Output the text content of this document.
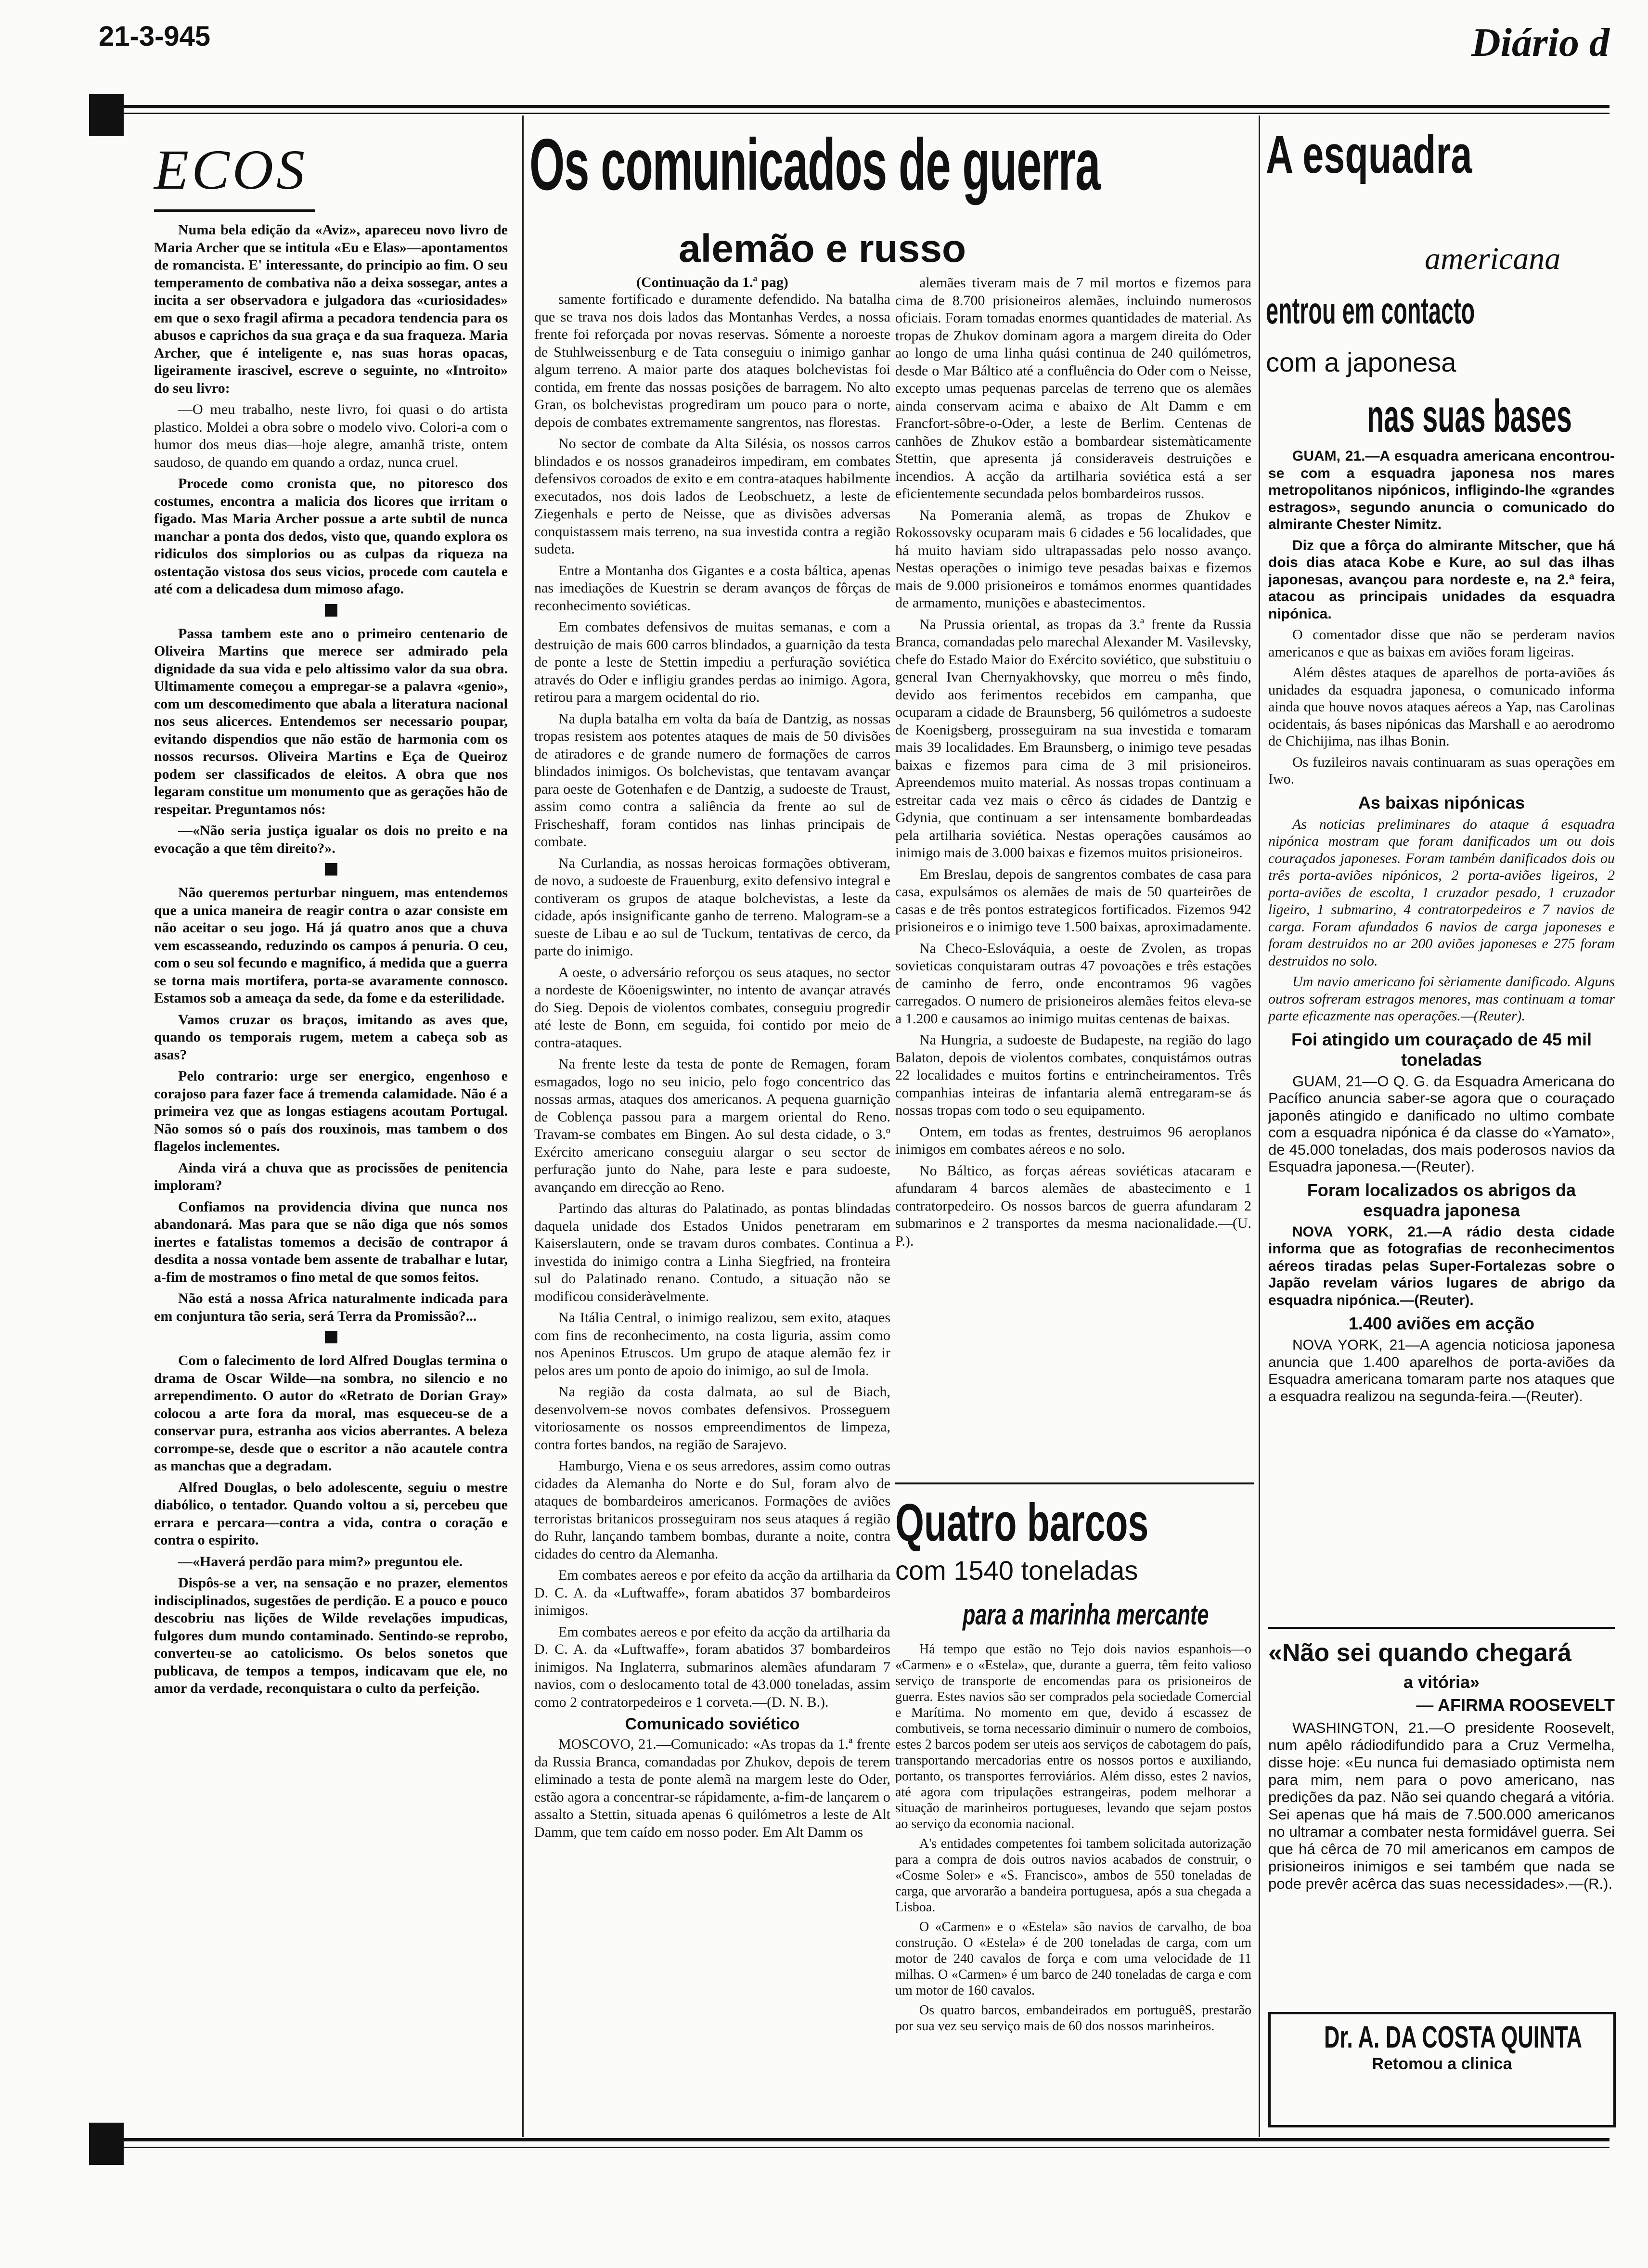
21-3-945	Diário d
ECOS

Numa bela edição da «Aviz», apareceu novo livro de Maria Archer que se intitula «Eu e Elas»—apontamentos de romancista. E' interessante, do principio ao fim. O seu temperamento de combativa não a deixa sossegar, antes a incita a ser observadora e julgadora das «curiosidades» em que o sexo fragil afirma a pecadora tendencia para os abusos e caprichos da sua graça e da sua fraqueza. Maria Archer, que é inteligente e, nas suas horas opacas, ligeiramente irascivel, escreve o seguinte, no «Introito» do seu livro:

—O meu trabalho, neste livro, foi quasi o do artista plastico. Moldei a obra sobre o modelo vivo. Colori-a com o humor dos meus dias—hoje alegre, amanhã triste, ontem saudoso, de quando em quando a ordaz, nunca cruel.

Procede como cronista que, no pitoresco dos costumes, encontra a malicia dos licores que irritam o figado. Mas Maria Archer possue a arte subtil de nunca manchar a ponta dos dedos, visto que, quando explora os ridiculos dos simplorios ou as culpas da riqueza na ostentação vistosa dos seus vicios, procede com cautela e até com a delicadesa dum mimoso afago.

Passa tambem este ano o primeiro centenario de Oliveira Martins que merece ser admirado pela dignidade da sua vida e pelo altissimo valor da sua obra. Ultimamente começou a empregar-se a palavra «genio», com um descomedimento que abala a literatura nacional nos seus alicerces. Entendemos ser necessario poupar, evitando dispendios que não estão de harmonia com os nossos recursos. Oliveira Martins e Eça de Queiroz podem ser classificados de eleitos. A obra que nos legaram constitue um monumento que as gerações hão de respeitar. Preguntamos nós:

—«Não seria justiça igualar os dois no preito e na evocação a que têm direito?».

Não queremos perturbar ninguem, mas entendemos que a unica maneira de reagir contra o azar consiste em não aceitar o seu jogo. Há já quatro anos que a chuva vem escasseando, reduzindo os campos á penuria. O ceu, com o seu sol fecundo e magnifico, á medida que a guerra se torna mais mortifera, porta-se avaramente connosco. Estamos sob a ameaça da sede, da fome e da esterilidade.

Vamos cruzar os braços, imitando as aves que, quando os temporais rugem, metem a cabeça sob as asas?

Pelo contrario: urge ser energico, engenhoso e corajoso para fazer face á tremenda calamidade. Não é a primeira vez que as longas estiagens acoutam Portugal. Não somos só o país dos rouxinois, mas tambem o dos flagelos inclementes.

Ainda virá a chuva que as procissões de penitencia imploram?

Confiamos na providencia divina que nunca nos abandonará. Mas para que se não diga que nós somos inertes e fatalistas tomemos a decisão de contrapor á desdita a nossa vontade bem assente de trabalhar e lutar, a-fim de mostramos o fino metal de que somos feitos.

Não está a nossa Africa naturalmente indicada para em conjuntura tão seria, será Terra da Promissão?...

Com o falecimento de lord Alfred Douglas termina o drama de Oscar Wilde—na sombra, no silencio e no arrependimento. O autor do «Retrato de Dorian Gray» colocou a arte fora da moral, mas esqueceu-se de a conservar pura, estranha aos vicios aberrantes. A beleza corrompe-se, desde que o escritor a não acautele contra as manchas que a degradam.

Alfred Douglas, o belo adolescente, seguiu o mestre diabólico, o tentador. Quando voltou a si, percebeu que errara e percara—contra a vida, contra o coração e contra o espirito.

—«Haverá perdão para mim?» preguntou ele.

Dispôs-se a ver, na sensação e no prazer, elementos indisciplinados, sugestões de perdição. E a pouco e pouco descobriu nas lições de Wilde revelações impudicas, fulgores dum mundo contaminado. Sentindo-se reprobo, converteu-se ao catolicismo. Os belos sonetos que publicava, de tempos a tempos, indicavam que ele, no amor da verdade, reconquistara o culto da perfeição.

Os comunicados de guerra
alemão e russo
(Continuação da 1.ª pag)

samente fortificado e duramente defendido. Na batalha que se trava nos dois lados das Montanhas Verdes, a nossa frente foi reforçada por novas reservas. Sómente a noroeste de Stuhlweissenburg e de Tata conseguiu o inimigo ganhar algum terreno. A maior parte dos ataques bolchevistas foi contida, em frente das nossas posições de barragem. No alto Gran, os bolchevistas progrediram um pouco para o norte, depois de combates extremamente sangrentos, nas florestas.

No sector de combate da Alta Silésia, os nossos carros blindados e os nossos granadeiros impediram, em combates defensivos coroados de exito e em contra-ataques habilmente executados, nos dois lados de Leobschuetz, a leste de Ziegenhals e perto de Neisse, que as divisões adversas conquistassem mais terreno, na sua investida contra a região sudeta.

Entre a Montanha dos Gigantes e a costa báltica, apenas nas imediações de Kuestrin se deram avanços de fôrças de reconhecimento soviéticas.

Em combates defensivos de muitas semanas, e com a destruição de mais 600 carros blindados, a guarnição da testa de ponte a leste de Stettin impediu a perfuração soviética através do Oder e infligiu grandes perdas ao inimigo. Agora, retirou para a margem ocidental do rio.

Na dupla batalha em volta da baía de Dantzig, as nossas tropas resistem aos potentes ataques de mais de 50 divisões de atiradores e de grande numero de formações de carros blindados inimigos. Os bolchevistas, que tentavam avançar para oeste de Gotenhafen e de Dantzig, a sudoeste de Traust, assim como contra a saliência da frente ao sul de Frischeshaff, foram contidos nas linhas principais de combate.

Na Curlandia, as nossas heroicas formações obtiveram, de novo, a sudoeste de Frauenburg, exito defensivo integral e contiveram os grupos de ataque bolchevistas, a leste da cidade, após insignificante ganho de terreno. Malogram-se a sueste de Libau e ao sul de Tuckum, tentativas de cerco, da parte do inimigo.

A oeste, o adversário reforçou os seus ataques, no sector a nordeste de Köoenigswinter, no intento de avançar através do Sieg. Depois de violentos combates, conseguiu progredir até leste de Bonn, em seguida, foi contido por meio de contra-ataques.

Na frente leste da testa de ponte de Remagen, foram esmagados, logo no seu inicio, pelo fogo concentrico das nossas armas, ataques dos americanos. A pequena guarnição de Coblença passou para a margem oriental do Reno. Travam-se combates em Bingen. Ao sul desta cidade, o 3.º Exército americano conseguiu alargar o seu sector de perfuração junto do Nahe, para leste e para sudoeste, avançando em direcção ao Reno.

Partindo das alturas do Palatinado, as pontas blindadas daquela unidade dos Estados Unidos penetraram em Kaiserslautern, onde se travam duros combates. Continua a investida do inimigo contra a Linha Siegfried, na fronteira sul do Palatinado renano. Contudo, a situação não se modificou consideràvelmente.

Na Itália Central, o inimigo realizou, sem exito, ataques com fins de reconhecimento, na costa liguria, assim como nos Apeninos Etruscos. Um grupo de ataque alemão fez ir pelos ares um ponto de apoio do inimigo, ao sul de Imola.

Na região da costa dalmata, ao sul de Biach, desenvolvem-se novos combates defensivos. Prosseguem vitoriosamente os nossos empreendimentos de limpeza, contra fortes bandos, na região de Sarajevo.

Hamburgo, Viena e os seus arredores, assim como outras cidades da Alemanha do Norte e do Sul, foram alvo de ataques de bombardeiros americanos. Formações de aviões terroristas britanicos prosseguiram nos seus ataques á região do Ruhr, lançando tambem bombas, durante a noite, contra cidades do centro da Alemanha.

Em combates aereos e por efeito da acção da artilharia da D. C. A. da «Luftwaffe», foram abatidos 37 bombardeiros inimigos.

Em combates aereos e por efeito da acção da artilharia da D. C. A. da «Luftwaffe», foram abatidos 37 bombardeiros inimigos. Na Inglaterra, submarinos alemães afundaram 7 navios, com o deslocamento total de 43.000 toneladas, assim como 2 contratorpedeiros e 1 corveta.—(D. N. B.).

Comunicado soviético

MOSCOVO, 21.—Comunicado: «As tropas da 1.ª frente da Russia Branca, comandadas por Zhukov, depois de terem eliminado a testa de ponte alemã na margem leste do Oder, estão agora a concentrar-se rápidamente, a-fim-de lançarem o assalto a Stettin, situada apenas 6 quilómetros a leste de Alt Damm, que tem caído em nosso poder. Em Alt Damm os

alemães tiveram mais de 7 mil mortos e fizemos para cima de 8.700 prisioneiros alemães, incluindo numerosos oficiais. Foram tomadas enormes quantidades de material. As tropas de Zhukov dominam agora a margem direita do Oder ao longo de uma linha quási continua de 240 quilómetros, desde o Mar Báltico até a confluência do Oder com o Neisse, excepto umas pequenas parcelas de terreno que os alemães ainda conservam acima e abaixo de Alt Damm e em Francfort-sôbre-o-Oder, a leste de Berlim. Centenas de canhões de Zhukov estão a bombardear sistemàticamente Stettin, que apresenta já consideraveis destruições e incendios. A acção da artilharia soviética está a ser eficientemente secundada pelos bombardeiros russos.

Na Pomerania alemã, as tropas de Zhukov e Rokossovsky ocuparam mais 6 cidades e 56 localidades, que há muito haviam sido ultrapassadas pelo nosso avanço. Nestas operações o inimigo teve pesadas baixas e fizemos mais de 9.000 prisioneiros e tomámos enormes quantidades de armamento, munições e abastecimentos.

Na Prussia oriental, as tropas da 3.ª frente da Russia Branca, comandadas pelo marechal Alexander M. Vasilevsky, chefe do Estado Maior do Exército soviético, que substituiu o general Ivan Chernyakhovsky, que morreu o mês findo, devido aos ferimentos recebidos em campanha, que ocuparam a cidade de Braunsberg, 56 quilómetros a sudoeste de Koenigsberg, prosseguiram na sua investida e tomaram mais 39 localidades. Em Braunsberg, o inimigo teve pesadas baixas e fizemos para cima de 3 mil prisioneiros. Apreendemos muito material. As nossas tropas continuam a estreitar cada vez mais o cêrco ás cidades de Dantzig e Gdynia, que continuam a ser intensamente bombardeadas pela artilharia soviética. Nestas operações causámos ao inimigo mais de 3.000 baixas e fizemos muitos prisioneiros.

Em Breslau, depois de sangrentos combates de casa para casa, expulsámos os alemães de mais de 50 quarteirões de casas e de três pontos estrategicos fortificados. Fizemos 942 prisioneiros e o inimigo teve 1.500 baixas, aproximadamente.

Na Checo-Eslováquia, a oeste de Zvolen, as tropas sovieticas conquistaram outras 47 povoações e três estações de caminho de ferro, onde encontramos 96 vagões carregados. O numero de prisioneiros alemães feitos eleva-se a 1.200 e causamos ao inimigo muitas centenas de baixas.

Na Hungria, a sudoeste de Budapeste, na região do lago Balaton, depois de violentos combates, conquistámos outras 22 localidades e muitos fortins e entrincheiramentos. Três companhias inteiras de infantaria alemã entregaram-se ás nossas tropas com todo o seu equipamento.

Ontem, em todas as frentes, destruimos 96 aeroplanos inimigos em combates aéreos e no solo.

No Báltico, as forças aéreas soviéticas atacaram e afundaram 4 barcos alemães de abastecimento e 1 contratorpedeiro. Os nossos barcos de guerra afundaram 2 submarinos e 2 transportes da mesma nacionalidade.—(U. P.).

Quatro barcos
com 1540 toneladas
para a marinha mercante

Há tempo que estão no Tejo dois navios espanhois—o «Carmen» e o «Estela», que, durante a guerra, têm feito valioso serviço de transporte de encomendas para os prisioneiros de guerra. Estes navios são ser comprados pela sociedade Comercial e Marítima. No momento em que, devido á escassez de combutiveis, se torna necessario diminuir o numero de comboios, estes 2 barcos podem ser uteis aos serviços de cabotagem do país, transportando mercadorias entre os nossos portos e auxiliando, portanto, os transportes ferroviários. Além disso, estes 2 navios, até agora com tripulações estrangeiras, podem melhorar a situação de marinheiros portugueses, levando que sejam postos ao serviço da economia nacional.

A's entidades competentes foi tambem solicitada autorização para a compra de dois outros navios acabados de construir, o «Cosme Soler» e «S. Francisco», ambos de 550 toneladas de carga, que arvorarão a bandeira portuguesa, após a sua chegada a Lisboa.

O «Carmen» e o «Estela» são navios de carvalho, de boa construção. O «Estela» é de 200 toneladas de carga, com um motor de 240 cavalos de força e com uma velocidade de 11 milhas. O «Carmen» é um barco de 240 toneladas de carga e com um motor de 160 cavalos.

Os quatro barcos, embandeirados em portuguêS, prestarão por sua vez seu serviço mais de 60 dos nossos marinheiros.

A esquadra
americana
entrou em contacto
com a japonesa
nas suas bases

GUAM, 21.—A esquadra americana encontrou-se com a esquadra japonesa nos mares metropolitanos nipónicos, infligindo-lhe «grandes estragos», segundo anuncia o comunicado do almirante Chester Nimitz.

Diz que a fôrça do almirante Mitscher, que há dois dias ataca Kobe e Kure, ao sul das ilhas japonesas, avançou para nordeste e, na 2.ª feira, atacou as principais unidades da esquadra nipónica.

O comentador disse que não se perderam navios americanos e que as baixas em aviões foram ligeiras.

Além dêstes ataques de aparelhos de porta-aviões ás unidades da esquadra japonesa, o comunicado informa ainda que houve novos ataques aéreos a Yap, nas Carolinas ocidentais, ás bases nipónicas das Marshall e ao aerodromo de Chichijima, nas ilhas Bonin.

Os fuzileiros navais continuaram as suas operações em Iwo.

As baixas nipónicas

As noticias preliminares do ataque á esquadra nipónica mostram que foram danificados um ou dois couraçados japoneses. Foram também danificados dois ou três porta-aviões nipónicos, 2 porta-aviões ligeiros, 2 porta-aviões de escolta, 1 cruzador pesado, 1 cruzador ligeiro, 1 submarino, 4 contratorpedeiros e 7 navios de carga. Foram afundados 6 navios de carga japoneses e foram destruidos no ar 200 aviões japoneses e 275 foram destruidos no solo.

Um navio americano foi sèriamente danificado. Alguns outros sofreram estragos menores, mas continuam a tomar parte eficazmente nas operações.—(Reuter).

Foi atingido um couraçado de 45 mil toneladas

GUAM, 21—O Q. G. da Esquadra Americana do Pacífico anuncia saber-se agora que o couraçado japonês atingido e danificado no ultimo combate com a esquadra nipónica é da classe do «Yamato», de 45.000 toneladas, dos mais poderosos navios da Esquadra japonesa.—(Reuter).

Foram localizados os abrigos da esquadra japonesa

NOVA YORK, 21.—A rádio desta cidade informa que as fotografias de reconhecimentos aéreos tiradas pelas Super-Fortalezas sobre o Japão revelam vários lugares de abrigo da esquadra nipónica.—(Reuter).

1.400 aviões em acção

NOVA YORK, 21—A agencia noticiosa japonesa anuncia que 1.400 aparelhos de porta-aviões da Esquadra americana tomaram parte nos ataques que a esquadra realizou na segunda-feira.—(Reuter).

«Não sei quando chegará
a vitória»
— AFIRMA ROOSEVELT

WASHINGTON, 21.—O presidente Roosevelt, num apêlo rádiodifundido para a Cruz Vermelha, disse hoje: «Eu nunca fui demasiado optimista nem para mim, nem para o povo americano, nas predições da paz. Não sei quando chegará a vitória. Sei apenas que há mais de 7.500.000 americanos no ultramar a combater nesta formidável guerra. Sei que há cêrca de 70 mil americanos em campos de prisioneiros inimigos e sei também que nada se pode prevêr acêrca das suas necessidades».—(R.).

Dr. A. DA COSTA QUINTA
Retomou a clinica
